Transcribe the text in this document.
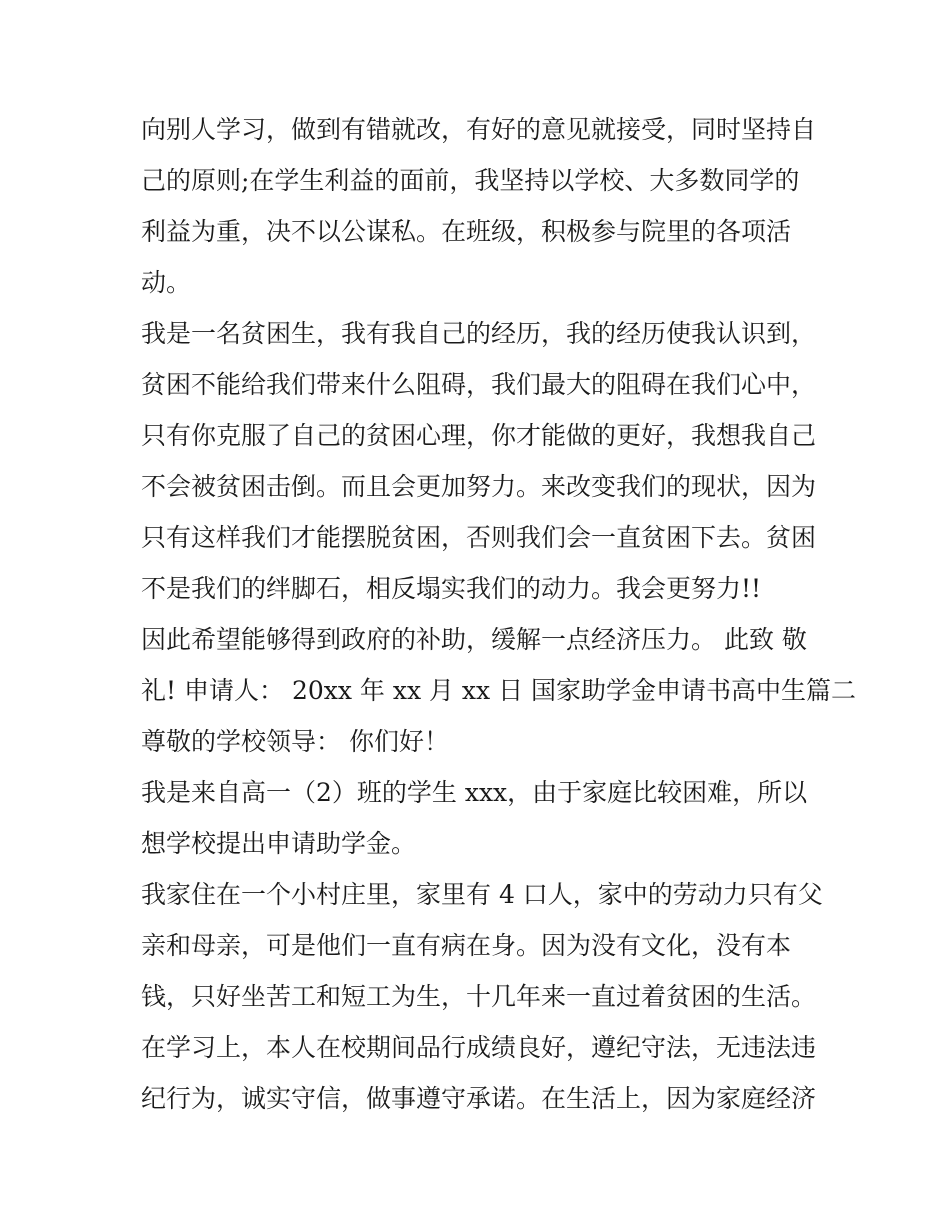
向别人学习，做到有错就改，有好的意见就接受，同时坚持自
己的原则;在学生利益的面前，我坚持以学校、大多数同学的
利益为重，决不以公谋私。在班级，积极参与院里的各项活
动。
我是一名贫困生，我有我自己的经历，我的经历使我认识到，
贫困不能给我们带来什么阻碍，我们最大的阻碍在我们心中，
只有你克服了自己的贫困心理，你才能做的更好，我想我自己
不会被贫困击倒。而且会更加努力。来改变我们的现状，因为
只有这样我们才能摆脱贫困，否则我们会一直贫困下去。贫困
不是我们的绊脚石，相反塌实我们的动力。我会更努力!!
因此希望能够得到政府的补助，缓解一点经济压力。 此致 敬
礼! 申请人： 20xx 年 xx 月 xx 日 国家助学金申请书高中生篇二
尊敬的学校领导： 你们好！
我是来自高一（2）班的学生 xxx，由于家庭比较困难，所以
想学校提出申请助学金。
我家住在一个小村庄里，家里有 4 口人，家中的劳动力只有父
亲和母亲，可是他们一直有病在身。因为没有文化，没有本
钱，只好坐苦工和短工为生，十几年来一直过着贫困的生活。
在学习上，本人在校期间品行成绩良好，遵纪守法，无违法违
纪行为，诚实守信，做事遵守承诺。在生活上，因为家庭经济
